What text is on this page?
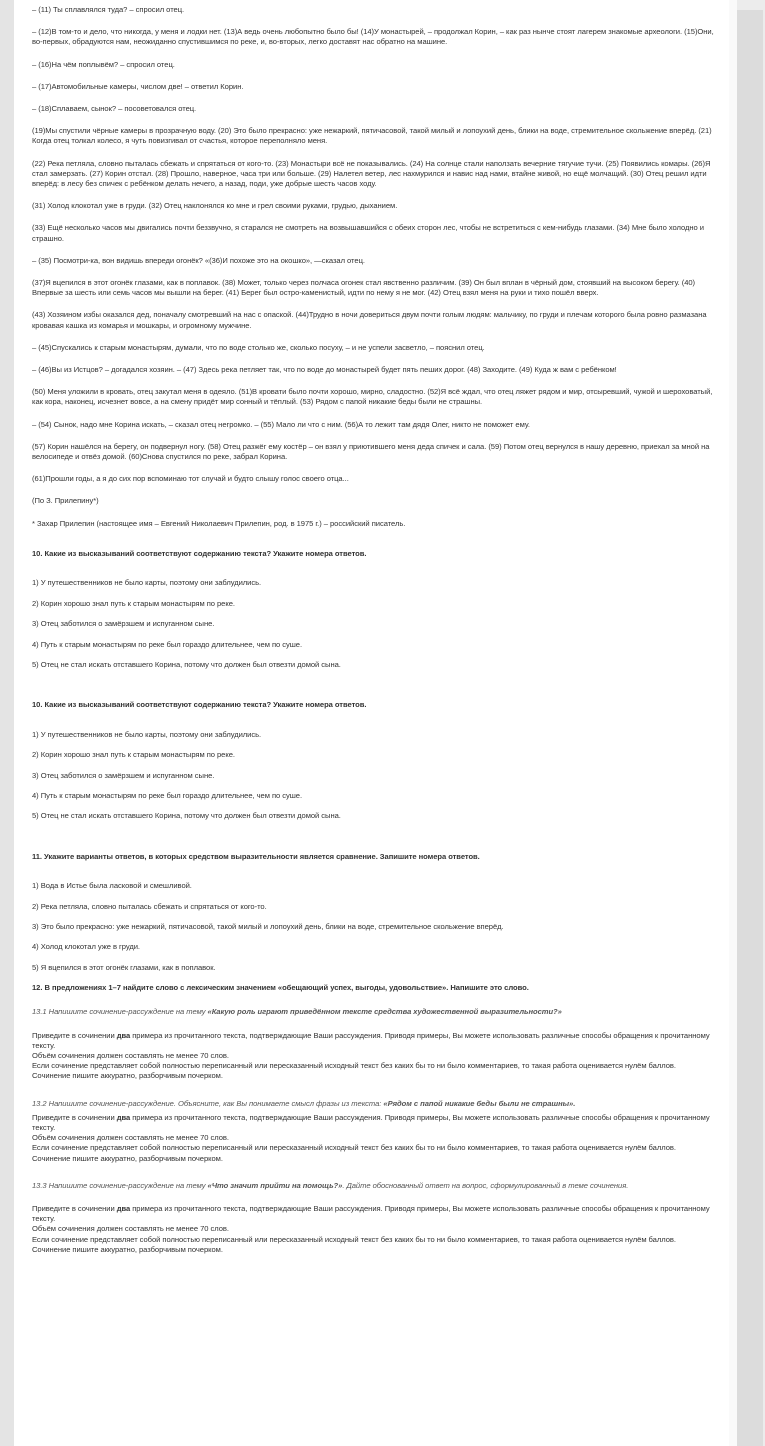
– (11) Ты сплавлялся туда? – спросил отец.

– (12)В том-то и дело, что никогда, у меня и лодки нет. (13)А ведь очень любопытно было бы! (14)У монастырей, – продолжал Корин, – как раз нынче стоят лагерем знакомые археологи. (15)Они, во-первых, обрадуются нам, неожиданно спустившимся по реке, и, во-вторых, легко доставят нас обратно на машине.

– (16)На чём поплывём? – спросил отец.

– (17)Автомобильные камеры, числом две! – ответил Корин.

– (18)Сплаваем, сынок? – посоветовался отец.

(19)Мы спустили чёрные камеры в прозрачную воду. (20) Это было прекрасно: уже нежаркий, пятичасовой, такой милый и лопоухий день, блики на воде, стремительное скольжение вперёд. (21) Когда отец толкал колесо, я чуть повизгивал от счастья, которое переполняло меня.

(22) Река петляла, словно пыталась сбежать и спрятаться от кого-то. (23) Монастыри всё не показывались. (24) На солнце стали наползать вечерние тягучие тучи. (25) Появились комары. (26)Я стал замерзать. (27) Корин отстал. (28) Прошло, наверное, часа три или больше. (29) Налетел ветер, лес нахмурился и навис над нами, втайне живой, но ещё молчащий. (30) Отец решил идти вперёд: в лесу без спичек с ребёнком делать нечего, а назад, поди, уже добрые шесть часов ходу.

(31) Холод клокотал уже в груди. (32) Отец наклонялся ко мне и грел своими руками, грудью, дыханием.

(33) Ещё несколько часов мы двигались почти беззвучно, я старался не смотреть на возвышавшийся с обеих сторон лес, чтобы не встретиться с кем-нибудь глазами. (34) Мне было холодно и страшно.

– (35) Посмотри-ка, вон видишь впереди огонёк? «(36)И похоже это на окошко», —сказал отец.

(37)Я вцепился в этот огонёк глазами, как в поплавок. (38) Может, только через полчаса огонек стал явственно различим. (39) Он был вплан в чёрный дом, стоявший на высоком берегу. (40) Впервые за шесть или семь часов мы вышли на берег. (41) Берег был остро-каменистый, идти по нему я не мог. (42) Отец взял меня на руки и тихо пошёл вверх.

(43) Хозяином избы оказался дед, поначалу смотревший на нас с опаской. (44)Трудно в ночи довериться двум почти голым людям: мальчику, по груди и плечам которого была ровно размазана кровавая кашка из комарья и мошкары, и огромному мужчине.

– (45)Спускались к старым монастырям, думали, что по воде столько же, сколько посуху, – и не успели засветло, – пояснил отец.

– (46)Вы из Истцов? – догадался хозяин. – (47) Здесь река петляет так, что по воде до монастырей будет пять пеших дорог. (48) Заходите. (49) Куда ж вам с ребёнком!

(50) Меня уложили в кровать, отец закутал меня в одеяло. (51)В кровати было почти хорошо, мирно, сладостно. (52)Я всё ждал, что отец ляжет рядом и мир, отсыревший, чужой и шероховатый, как кора, наконец, исчезнет вовсе, а на смену придёт мир сонный и тёплый. (53) Рядом с папой никакие беды были не страшны.

– (54) Сынок, надо мне Корина искать, – сказал отец негромко. – (55) Мало ли что с ним. (56)А то лежит там дядя Олег, никто не поможет ему.

(57) Корин нашёлся на берегу, он подвернул ногу. (58) Отец разжёг ему костёр – он взял у приютившего меня деда спичек и сала. (59) Потом отец вернулся в нашу деревню, приехал за мной на велосипеде и отвёз домой. (60)Снова спустился по реке, забрал Корина.

(61)Прошли годы, а я до сих пор вспоминаю тот случай и будто слышу голос своего отца...

(По З. Прилепину*)

* Захар Прилепин (настоящее имя – Евгений Николаевич Прилепин, род. в 1975 г.) – российский писатель.

10. Какие из высказываний соответствуют содержанию текста? Укажите номера ответов.

1) У путешественников не было карты, поэтому они заблудились.

2) Корин хорошо знал путь к старым монастырям по реке.

3) Отец заботился о замёрзшем и испуганном сыне.

4) Путь к старым монастырям по реке был гораздо длительнее, чем по суше.

5) Отец не стал искать отставшего Корина, потому что должен был отвезти домой сына.

10. Какие из высказываний соответствуют содержанию текста? Укажите номера ответов.

1) У путешественников не было карты, поэтому они заблудились.

2) Корин хорошо знал путь к старым монастырям по реке.

3) Отец заботился о замёрзшем и испуганном сыне.

4) Путь к старым монастырям по реке был гораздо длительнее, чем по суше.

5) Отец не стал искать отставшего Корина, потому что должен был отвезти домой сына.

11. Укажите варианты ответов, в которых средством выразительности является сравнение. Запишите номера ответов.

1) Вода в Истье была ласковой и смешливой.

2) Река петляла, словно пыталась сбежать и спрятаться от кого-то.

3) Это было прекрасно: уже нежаркий, пятичасовой, такой милый и лопоухий день, блики на воде, стремительное скольжение вперёд.

4) Холод клокотал уже в груди.

5) Я вцепился в этот огонёк глазами, как в поплавок.

12. В предложениях 1–7 найдите слово с лексическим значением «обещающий успех, выгоды, удовольствие». Напишите это слово.

13.1 Напишите сочинение-рассуждение на тему «Какую роль играют приведённом тексте средства художественной выразительности?»

Приведите в сочинении два примера из прочитанного текста, подтверждающие Ваши рассуждения. Приводя примеры, Вы можете использовать различные способы обращения к прочитанному тексту.
Объём сочинения должен составлять не менее 70 слов.
Если сочинение представляет собой полностью переписанный или пересказанный исходный текст без каких бы то ни было комментариев, то такая работа оценивается нулём баллов.
Сочинение пишите аккуратно, разборчивым почерком.

13.2 Напишите сочинение-рассуждение. Объясните, как Вы понимаете смысл фразы из текста: «Рядом с папой никакие беды были не страшны».

Приведите в сочинении два примера из прочитанного текста, подтверждающие Ваши рассуждения. Приводя примеры, Вы можете использовать различные способы обращения к прочитанному тексту.
Объём сочинения должен составлять не менее 70 слов.
Если сочинение представляет собой полностью переписанный или пересказанный исходный текст без каких бы то ни было комментариев, то такая работа оценивается нулём баллов.
Сочинение пишите аккуратно, разборчивым почерком.

13.3 Напишите сочинение-рассуждение на тему «Что значит прийти на помощь?». Дайте обоснованный ответ на вопрос, сформулированный в теме сочинения.

Приведите в сочинении два примера из прочитанного текста, подтверждающие Ваши рассуждения. Приводя примеры, Вы можете использовать различные способы обращения к прочитанному тексту.
Объём сочинения должен составлять не менее 70 слов.
Если сочинение представляет собой полностью переписанный или пересказанный исходный текст без каких бы то ни было комментариев, то такая работа оценивается нулём баллов.
Сочинение пишите аккуратно, разборчивым почерком.
